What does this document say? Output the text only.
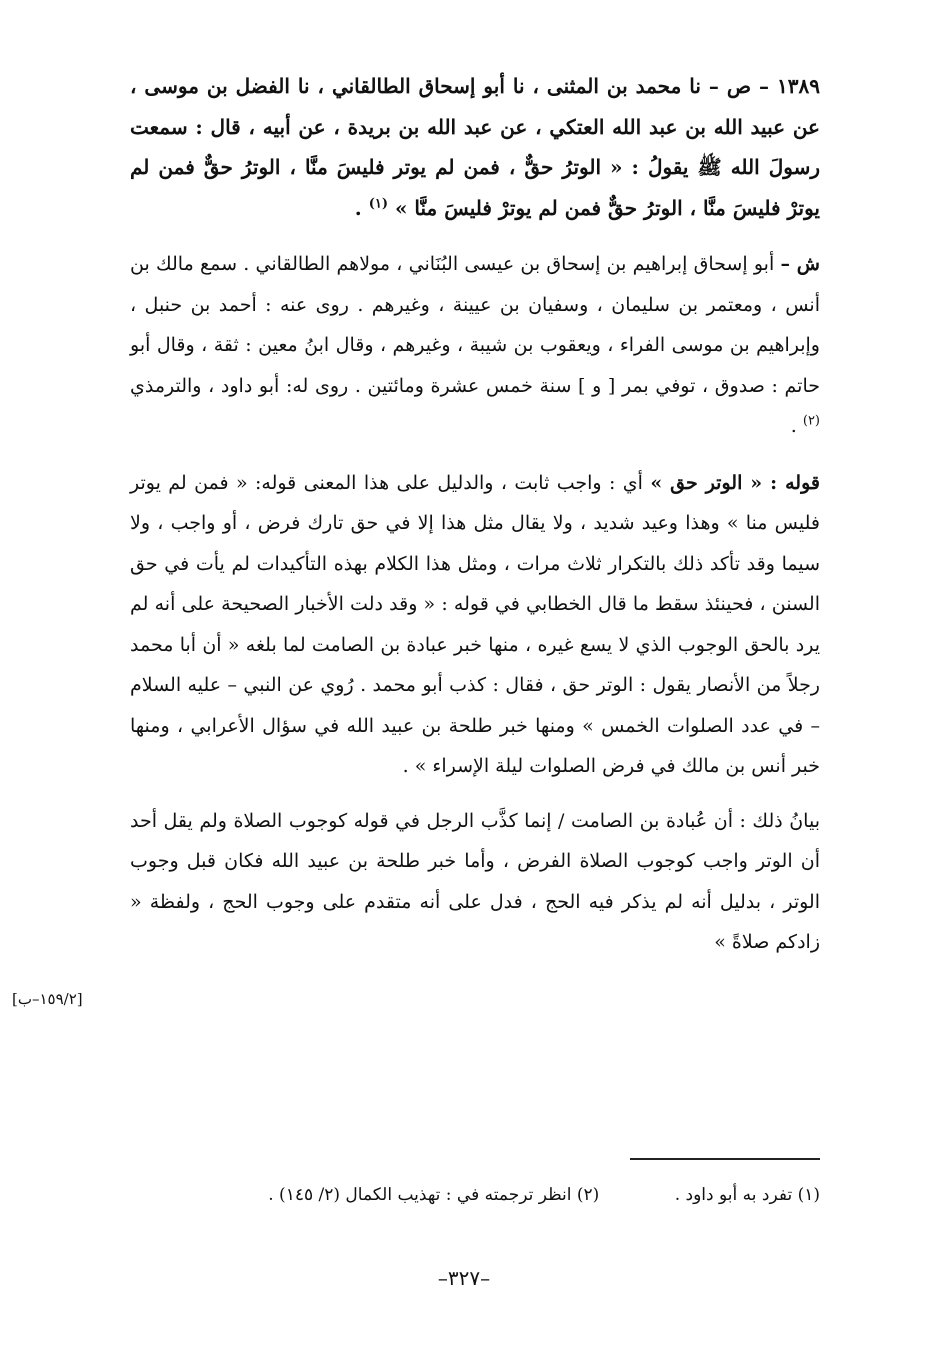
١٣٨٩ – ص – نا محمد بن المثنى ، نا أبو إسحاق الطالقاني ، نا الفضل بن موسى ، عن عبيد الله بن عبد الله العتكي ، عن عبد الله بن بريدة ، عن أبيه ، قال : سمعت رسولَ الله ﷺ يقولُ : « الوترُ حقٌّ ، فمن لم يوتر فليسَ منَّا ، الوترُ حقٌّ فمن لم يوترْ فليسَ منَّا ، الوترُ حقٌّ فمن لم يوترْ فليسَ منَّا » $^{(١)}$ .

ش – أبو إسحاق إبراهيم بن إسحاق بن عيسى البُنَاني ، مولاهم الطالقاني . سمع مالك بن أنس ، ومعتمر بن سليمان ، وسفيان بن عيينة ، وغيرهم . روى عنه : أحمد بن حنبل ، وإبراهيم بن موسى الفراء ، ويعقوب بن شيبة ، وغيرهم ، وقال ابنُ معين : ثقة ، وقال أبو حاتم : صدوق ، توفي بمر [ و ] سنة خمس عشرة ومائتين . روى له: أبو داود ، والترمذي $^{(٢)}$ .

قوله : « الوتر حق » أي : واجب ثابت ، والدليل على هذا المعنى قوله: « فمن لم يوتر فليس منا » وهذا وعيد شديد ، ولا يقال مثل هذا إلا في حق تارك فرض ، أو واجب ، ولا سيما وقد تأكد ذلك بالتكرار ثلاث مرات ، ومثل هذا الكلام بهذه التأكيدات لم يأت في حق السنن ، فحينئذ سقط ما قال الخطابي في قوله : « وقد دلت الأخبار الصحيحة على أنه لم يرد بالحق الوجوب الذي لا يسع غيره ، منها خبر عبادة بن الصامت لما بلغه « أن أبا محمد رجلاً من الأنصار يقول : الوتر حق ، فقال : كذب أبو محمد . رُوي عن النبي – عليه السلام – في عدد الصلوات الخمس » ومنها خبر طلحة بن عبيد الله في سؤال الأعرابي ، ومنها خبر أنس بن مالك في فرض الصلوات ليلة الإسراء » .

بيانُ ذلك : أن عُبادة بن الصامت / إنما كذَّب الرجل في قوله كوجوب الصلاة ولم يقل أحد أن الوتر واجب كوجوب الصلاة الفرض ، وأما خبر طلحة بن عبيد الله فكان قبل وجوب الوتر ، بدليل أنه لم يذكر فيه الحج ، فدل على أنه متقدم على وجوب الحج ، ولفظة « زادكم صلاةً »

[١٥٩/٢–ب]
(١) تفرد به أبو داود . (٢) انظر ترجمته في : تهذيب الكمال (٢/ ١٤٥) .
–٣٢٧–
